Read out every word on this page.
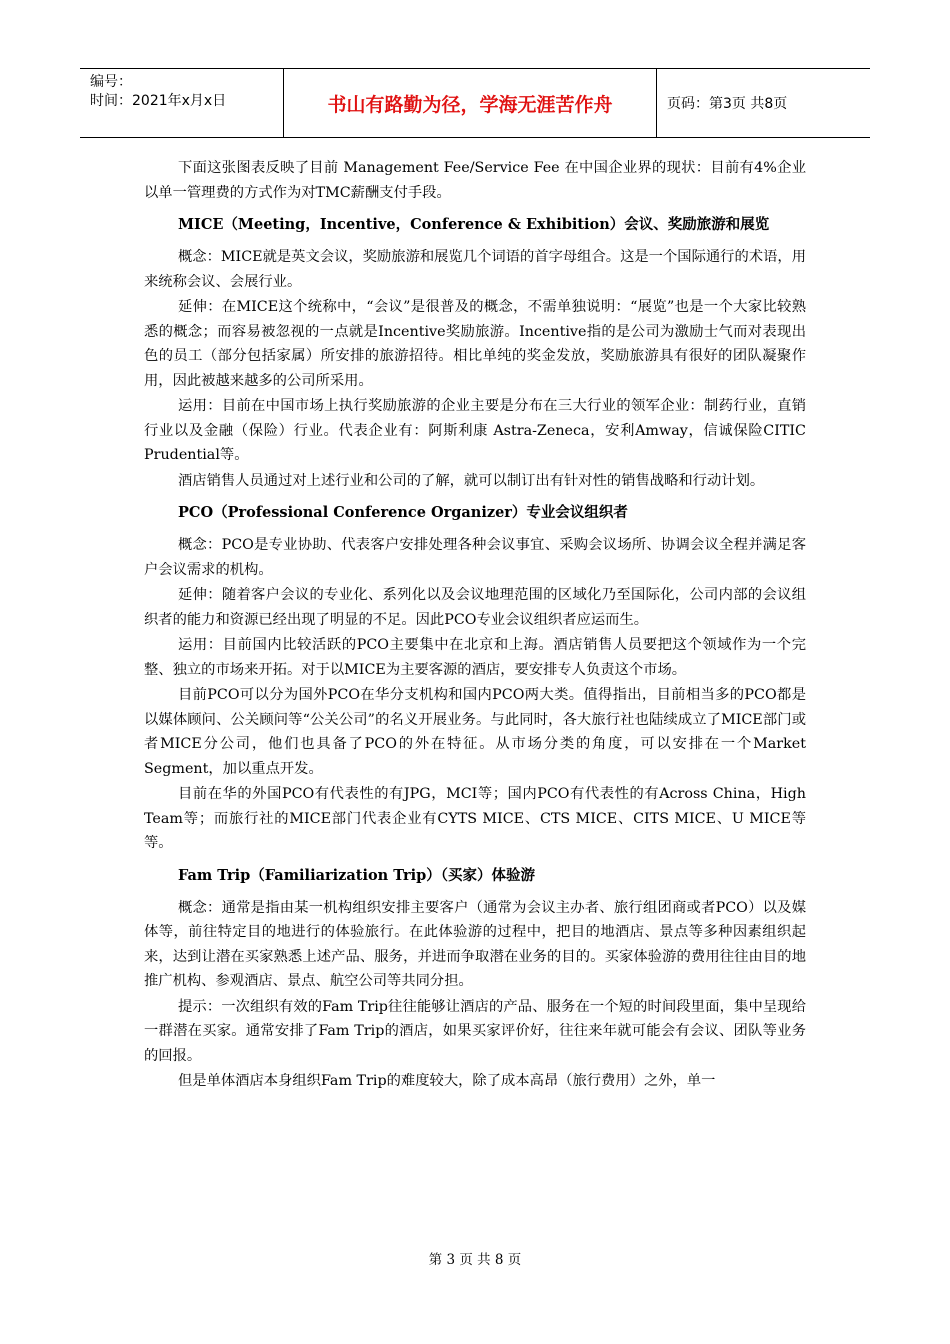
编号：
时间：2021年x月x日	书山有路勤为径，学海无涯苦作舟	页码：第3页 共8页

下面这张图表反映了目前 Management Fee/Service Fee 在中国企业界的现状：目前有4%企业以单一管理费的方式作为对TMC薪酬支付手段。

MICE（Meeting，Incentive，Conference & Exhibition）会议、奖励旅游和展览

概念：MICE就是英文会议，奖励旅游和展览几个词语的首字母组合。这是一个国际通行的术语，用来统称会议、会展行业。

延伸：在MICE这个统称中，“会议”是很普及的概念，不需单独说明：“展览”也是一个大家比较熟悉的概念；而容易被忽视的一点就是Incentive奖励旅游。Incentive指的是公司为激励士气而对表现出色的员工（部分包括家属）所安排的旅游招待。相比单纯的奖金发放，奖励旅游具有很好的团队凝聚作用，因此被越来越多的公司所采用。

运用：目前在中国市场上执行奖励旅游的企业主要是分布在三大行业的领军企业：制药行业，直销行业以及金融（保险）行业。代表企业有：阿斯利康 Astra-Zeneca，安利Amway，信诚保险CITIC Prudential等。

酒店销售人员通过对上述行业和公司的了解，就可以制订出有针对性的销售战略和行动计划。

PCO（Professional Conference Organizer）专业会议组织者

概念：PCO是专业协助、代表客户安排处理各种会议事宜、采购会议场所、协调会议全程并满足客户会议需求的机构。

延伸：随着客户会议的专业化、系列化以及会议地理范围的区域化乃至国际化，公司内部的会议组织者的能力和资源已经出现了明显的不足。因此PCO专业会议组织者应运而生。

运用：目前国内比较活跃的PCO主要集中在北京和上海。酒店销售人员要把这个领域作为一个完整、独立的市场来开拓。对于以MICE为主要客源的酒店，要安排专人负责这个市场。

目前PCO可以分为国外PCO在华分支机构和国内PCO两大类。值得指出，目前相当多的PCO都是以媒体顾问、公关顾问等“公关公司”的名义开展业务。与此同时，各大旅行社也陆续成立了MICE部门或者MICE分公司，他们也具备了PCO的外在特征。从市场分类的角度，可以安排在一个Market Segment，加以重点开发。

目前在华的外国PCO有代表性的有JPG，MCI等；国内PCO有代表性的有Across China，High Team等；而旅行社的MICE部门代表企业有CYTS MICE、CTS MICE、CITS MICE、U MICE等等。

Fam Trip（Familiarization Trip）（买家）体验游

概念：通常是指由某一机构组织安排主要客户（通常为会议主办者、旅行组团商或者PCO）以及媒体等，前往特定目的地进行的体验旅行。在此体验游的过程中，把目的地酒店、景点等多种因素组织起来，达到让潜在买家熟悉上述产品、服务，并进而争取潜在业务的目的。买家体验游的费用往往由目的地推广机构、参观酒店、景点、航空公司等共同分担。

提示：一次组织有效的Fam Trip往往能够让酒店的产品、服务在一个短的时间段里面，集中呈现给一群潜在买家。通常安排了Fam Trip的酒店，如果买家评价好，往往来年就可能会有会议、团队等业务的回报。

但是单体酒店本身组织Fam Trip的难度较大，除了成本高昂（旅行费用）之外，单一

第 3 页 共 8 页
